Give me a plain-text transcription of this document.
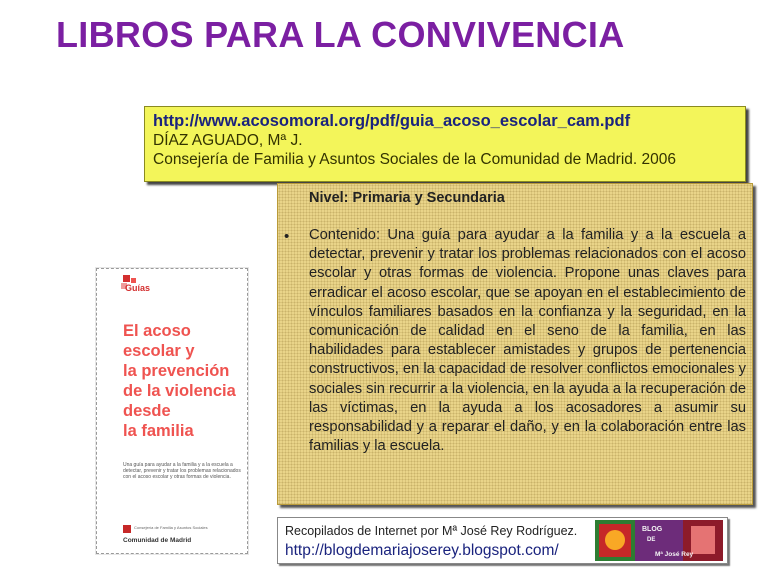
LIBROS PARA LA CONVIVENCIA
http://www.acosomoral.org/pdf/guia_acoso_escolar_cam.pdf
DÍAZ AGUADO, Mª J.
Consejería de Familia y Asuntos Sociales de la Comunidad de Madrid. 2006
Guías
El acoso
escolar y
la prevención
de la violencia
desde
la familia
Una guía para ayudar a la familia y a la escuela a detectar, prevenir y tratar los problemas relacionados con el acoso escolar y otras formas de violencia.
Consejería de Familia y Asuntos Sociales
Comunidad de Madrid
Nivel: Primaria y Secundaria
• Contenido: Una guía para ayudar a la familia y a la escuela a detectar, prevenir y tratar los problemas relacionados con el acoso escolar y otras formas de violencia. Propone unas claves para erradicar el acoso escolar, que se apoyan en el establecimiento de vínculos familiares basados en la confianza y la seguridad, en la comunicación de calidad en el seno de la familia, en las habilidades para establecer amistades y grupos de pertenencia constructivos, en la capacidad de resolver conflictos emocionales y sociales sin recurrir a la violencia, en la ayuda a la recuperación de las víctimas, en la ayuda a los acosadores a asumir su responsabilidad y a reparar el daño, y en la colaboración entre las familias y la escuela.

Recopilados de Internet por Mª José Rey Rodríguez.
http://blogdemariajoserey.blogspot.com/
BLOG
DE
Mª José Rey
